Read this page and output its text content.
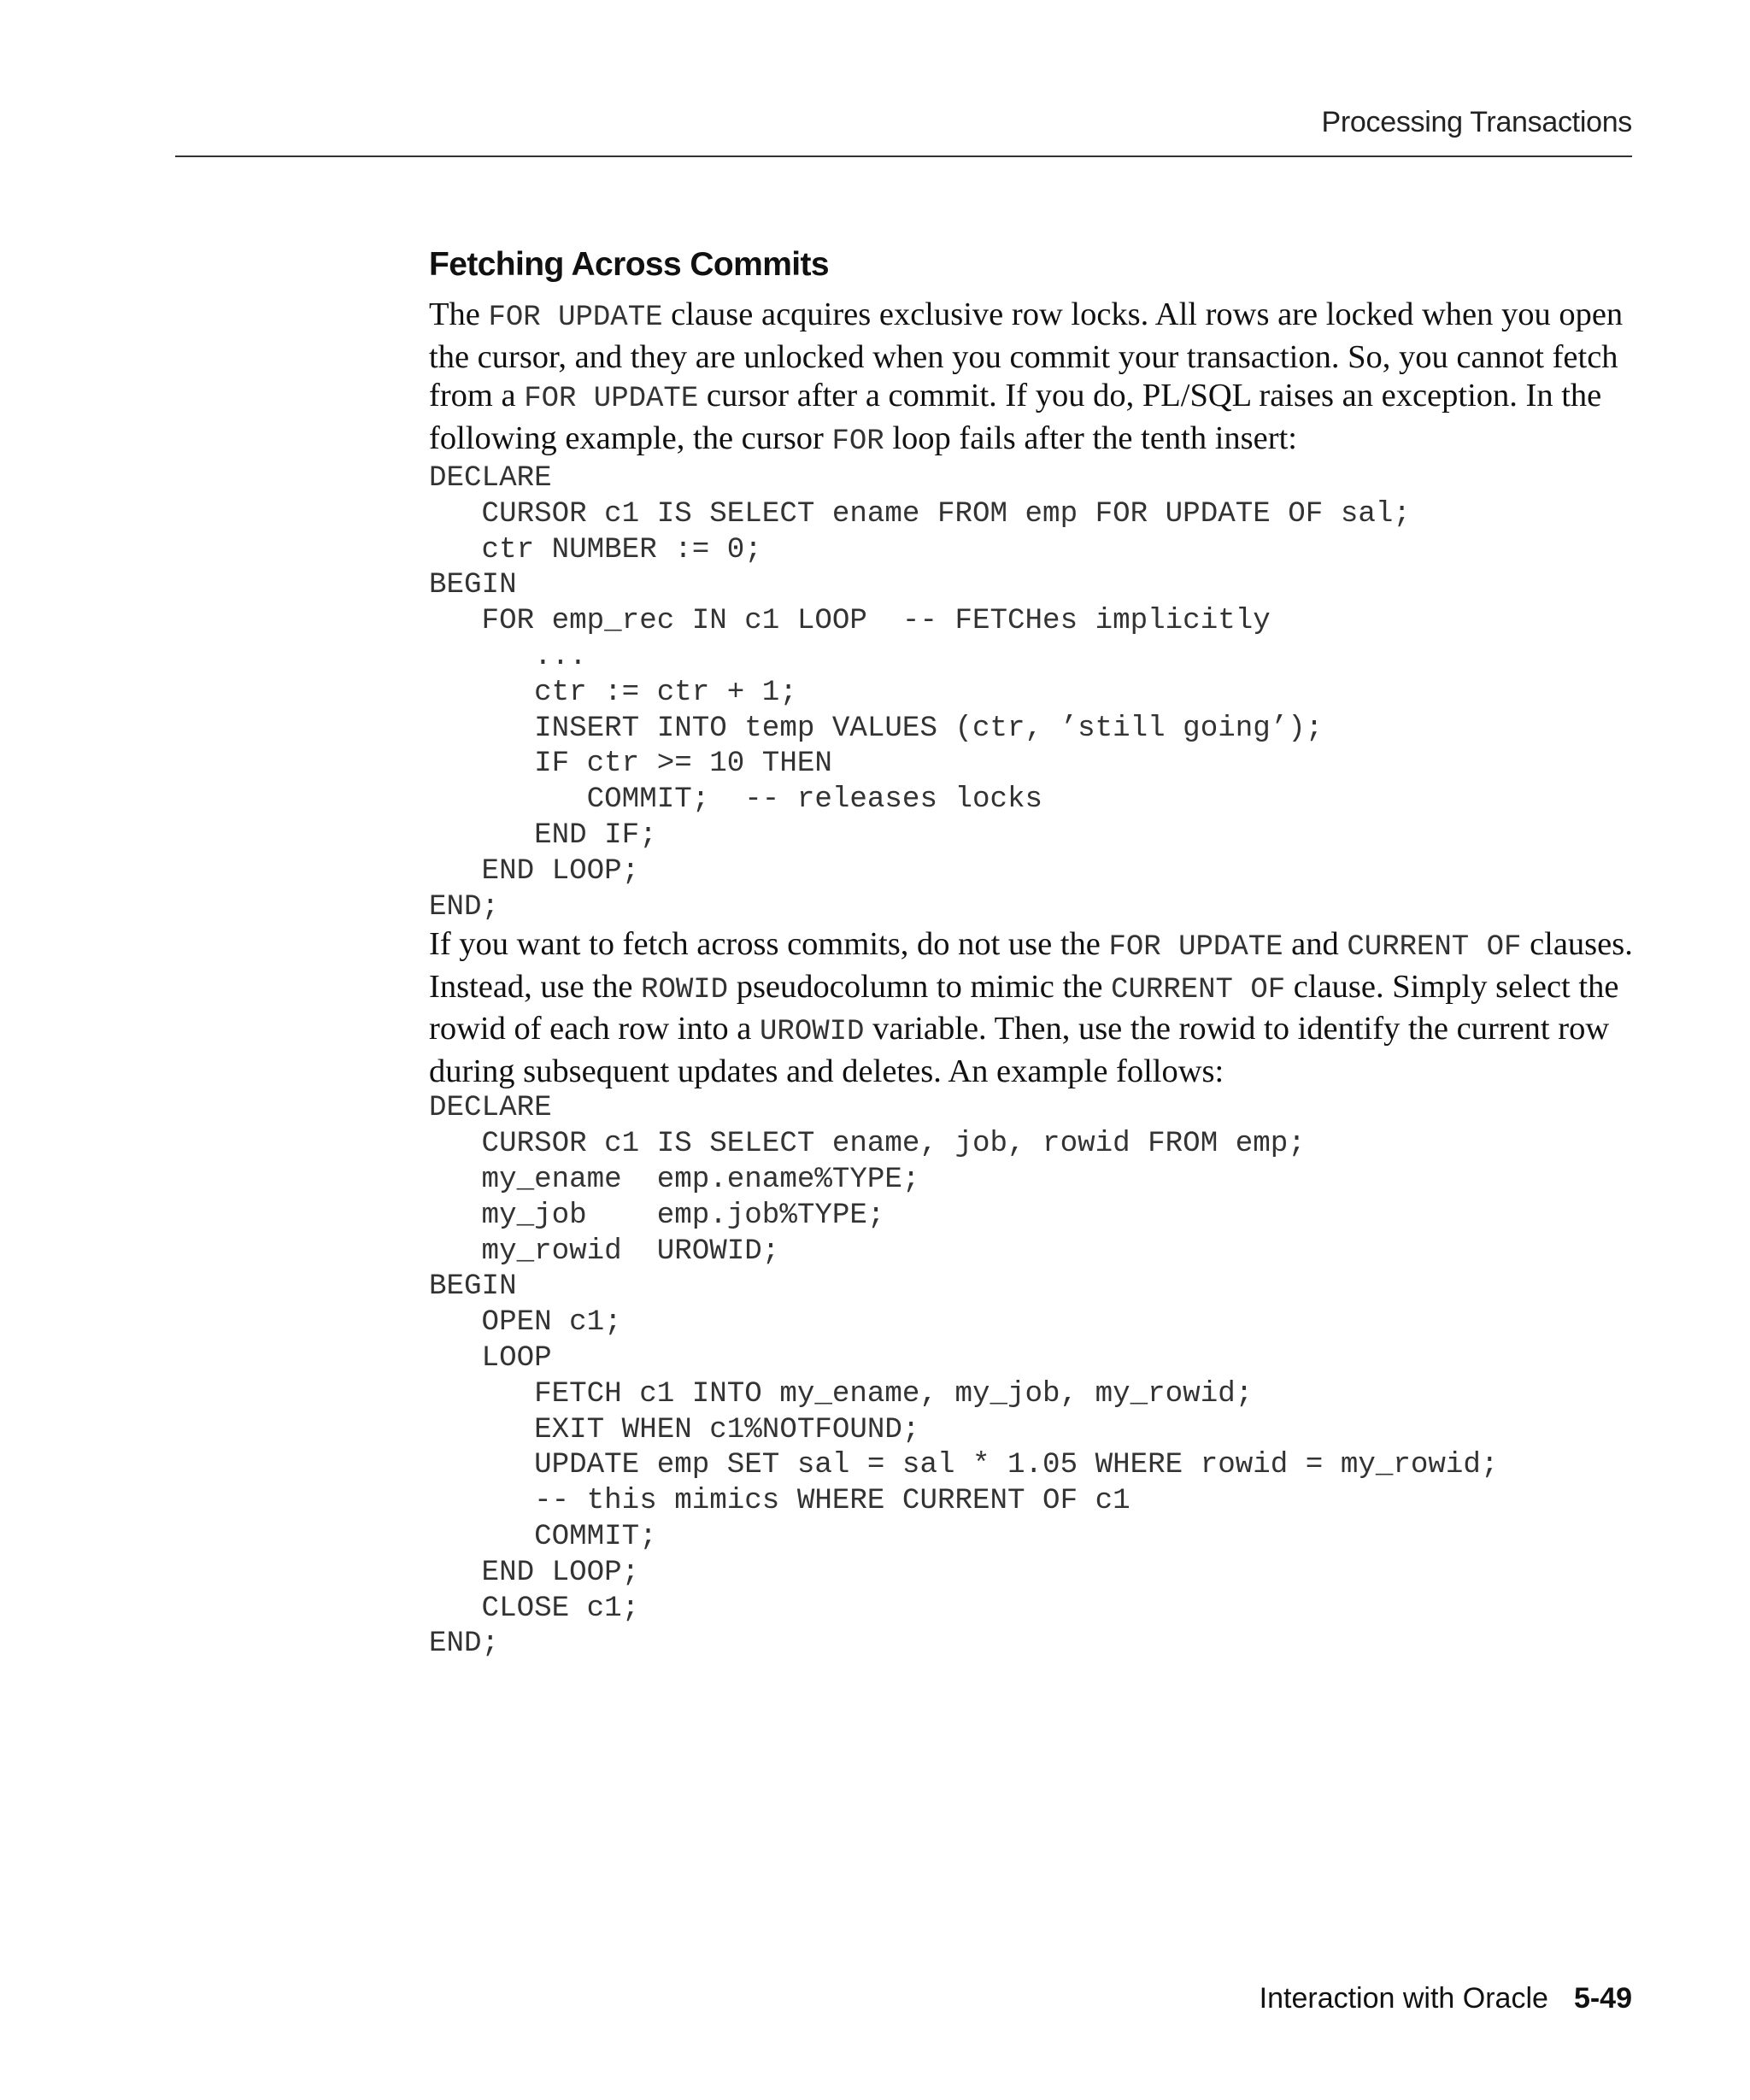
Processing Transactions
Fetching Across Commits

The FOR UPDATE clause acquires exclusive row locks. All rows are locked when you open the cursor, and they are unlocked when you commit your transaction. So, you cannot fetch from a FOR UPDATE cursor after a commit. If you do, PL/SQL raises an exception. In the following example, the cursor FOR loop fails after the tenth insert:

DECLARE
CURSOR c1 IS SELECT ename FROM emp FOR UPDATE OF sal;
ctr NUMBER := 0;
BEGIN
FOR emp_rec IN c1 LOOP  -- FETCHes implicitly
...
ctr := ctr + 1;
INSERT INTO temp VALUES (ctr, ’still going’);
IF ctr >= 10 THEN
COMMIT;  -- releases locks
END IF;
END LOOP;
END;

If you want to fetch across commits, do not use the FOR UPDATE and CURRENT OF clauses. Instead, use the ROWID pseudocolumn to mimic the CURRENT OF clause. Simply select the rowid of each row into a UROWID variable. Then, use the rowid to identify the current row during subsequent updates and deletes. An example follows:

DECLARE
CURSOR c1 IS SELECT ename, job, rowid FROM emp;
my_ename  emp.ename%TYPE;
my_job    emp.job%TYPE;
my_rowid  UROWID;
BEGIN
OPEN c1;
LOOP
FETCH c1 INTO my_ename, my_job, my_rowid;
EXIT WHEN c1%NOTFOUND;
UPDATE emp SET sal = sal * 1.05 WHERE rowid = my_rowid;
-- this mimics WHERE CURRENT OF c1
COMMIT;
END LOOP;
CLOSE c1;
END;
Interaction with Oracle 5-49
